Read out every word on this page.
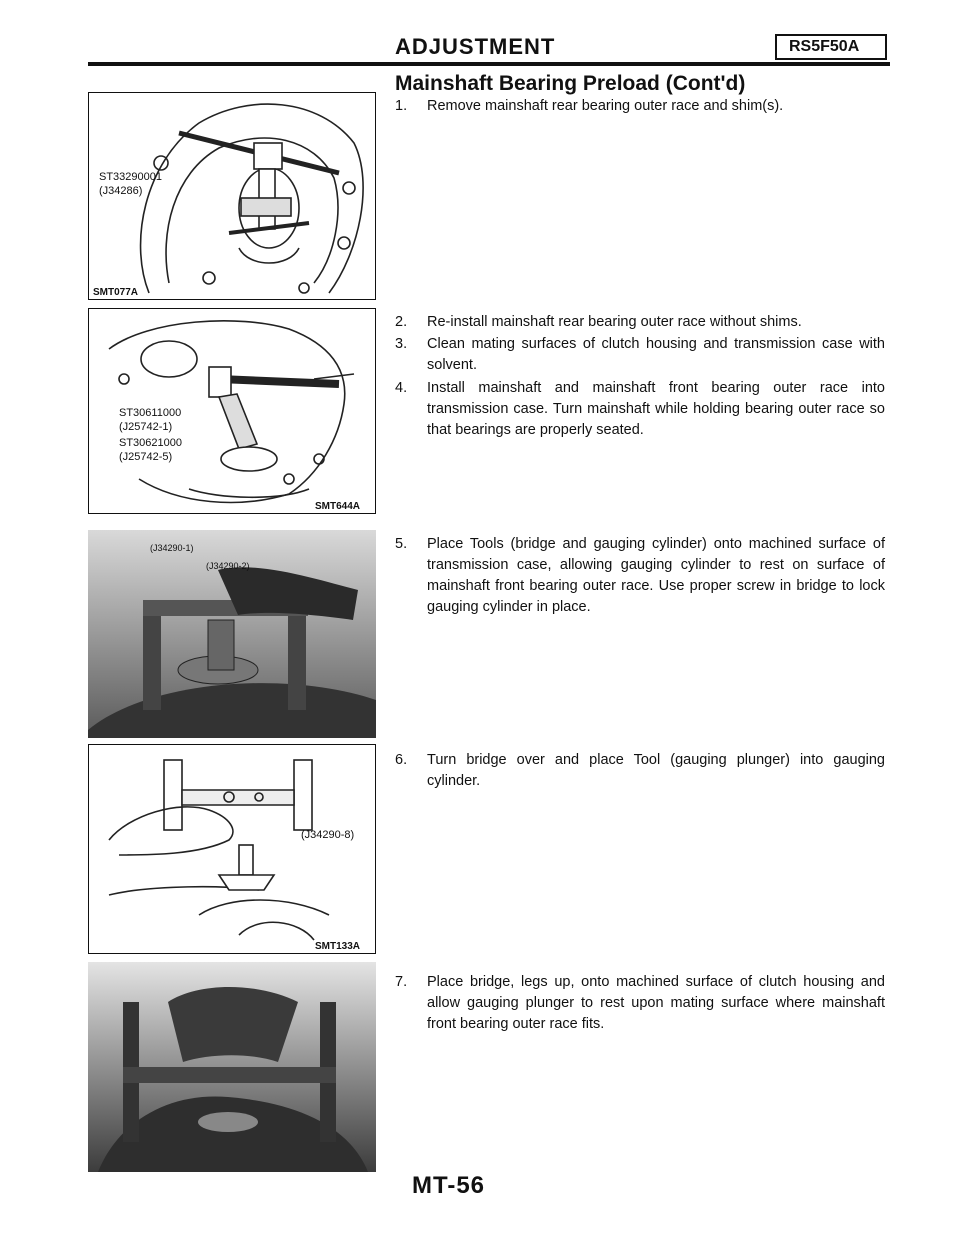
ADJUSTMENT	RS5F50A
Mainshaft Bearing Preload (Cont'd)
ST33290001
(J34286)
SMT077A
ST30611000
(J25742-1)
ST30621000
(J25742-5)
SMT644A
(J34290-1)
(J34290-2)
(J34290-8)
SMT133A
1.	Remove mainshaft rear bearing outer race and shim(s).
2.	Re-install mainshaft rear bearing outer race without shims.
3.	Clean mating surfaces of clutch housing and transmission case with solvent.
4.	Install mainshaft and mainshaft front bearing outer race into transmission case. Turn mainshaft while holding bearing outer race so that bearings are properly seated.
5.	Place Tools (bridge and gauging cylinder) onto machined surface of transmission case, allowing gauging cylinder to rest on surface of mainshaft front bearing outer race. Use proper screw in bridge to lock gauging cylinder in place.
6.	Turn bridge over and place Tool (gauging plunger) into gauging cylinder.
7.	Place bridge, legs up, onto machined surface of clutch housing and allow gauging plunger to rest upon mating surface where mainshaft front bearing outer race fits.
MT-56
